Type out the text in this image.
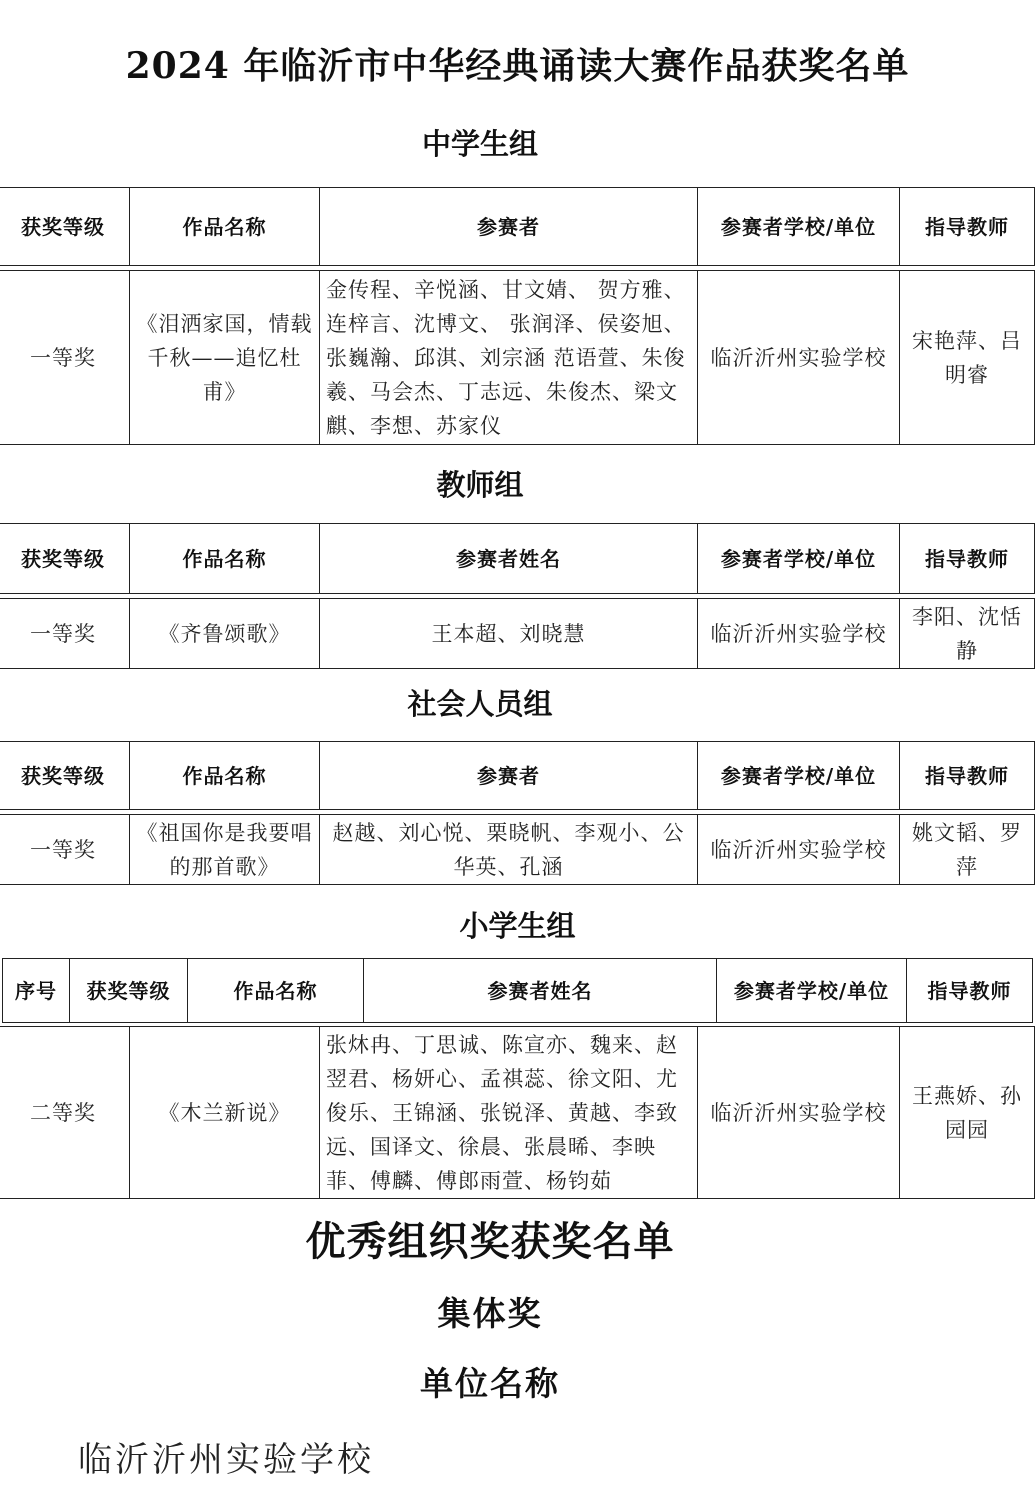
2024 年临沂市中华经典诵读大赛作品获奖名单
中学生组
获奖等级	作品名称	参赛者	参赛者学校/单位	指导教师

一等奖	《泪洒家国，情载千秋——追忆杜甫》	金传程、辛悦涵、甘文婧、 贺方雅、连梓言、沈博文、 张润泽、侯姿旭、张巍瀚、邱淇、刘宗涵 范语萱、朱俊羲、马会杰、丁志远、朱俊杰、梁文麒、李想、苏家仪	临沂沂州实验学校	宋艳萍、吕明睿
教师组
获奖等级	作品名称	参赛者姓名	参赛者学校/单位	指导教师

一等奖	《齐鲁颂歌》	王本超、刘晓慧	临沂沂州实验学校	李阳、沈恬静
社会人员组
获奖等级	作品名称	参赛者	参赛者学校/单位	指导教师

一等奖	《祖国你是我要唱的那首歌》	赵越、刘心悦、栗晓帆、李观小、公华英、孔涵	临沂沂州实验学校	姚文韬、罗萍
小学生组
序号	获奖等级	作品名称	参赛者姓名	参赛者学校/单位	指导教师
二等奖	《木兰新说》	张炑冉、丁思诚、陈宣亦、魏来、赵翌君、杨妍心、孟祺蕊、徐文阳、尤俊乐、王锦涵、张锐泽、黄越、李致远、国译文、徐晨、张晨晞、李映菲、傅麟、傅郎雨萱、杨钧茹	临沂沂州实验学校	王燕娇、孙园园
优秀组织奖获奖名单
集体奖
单位名称
临沂沂州实验学校
